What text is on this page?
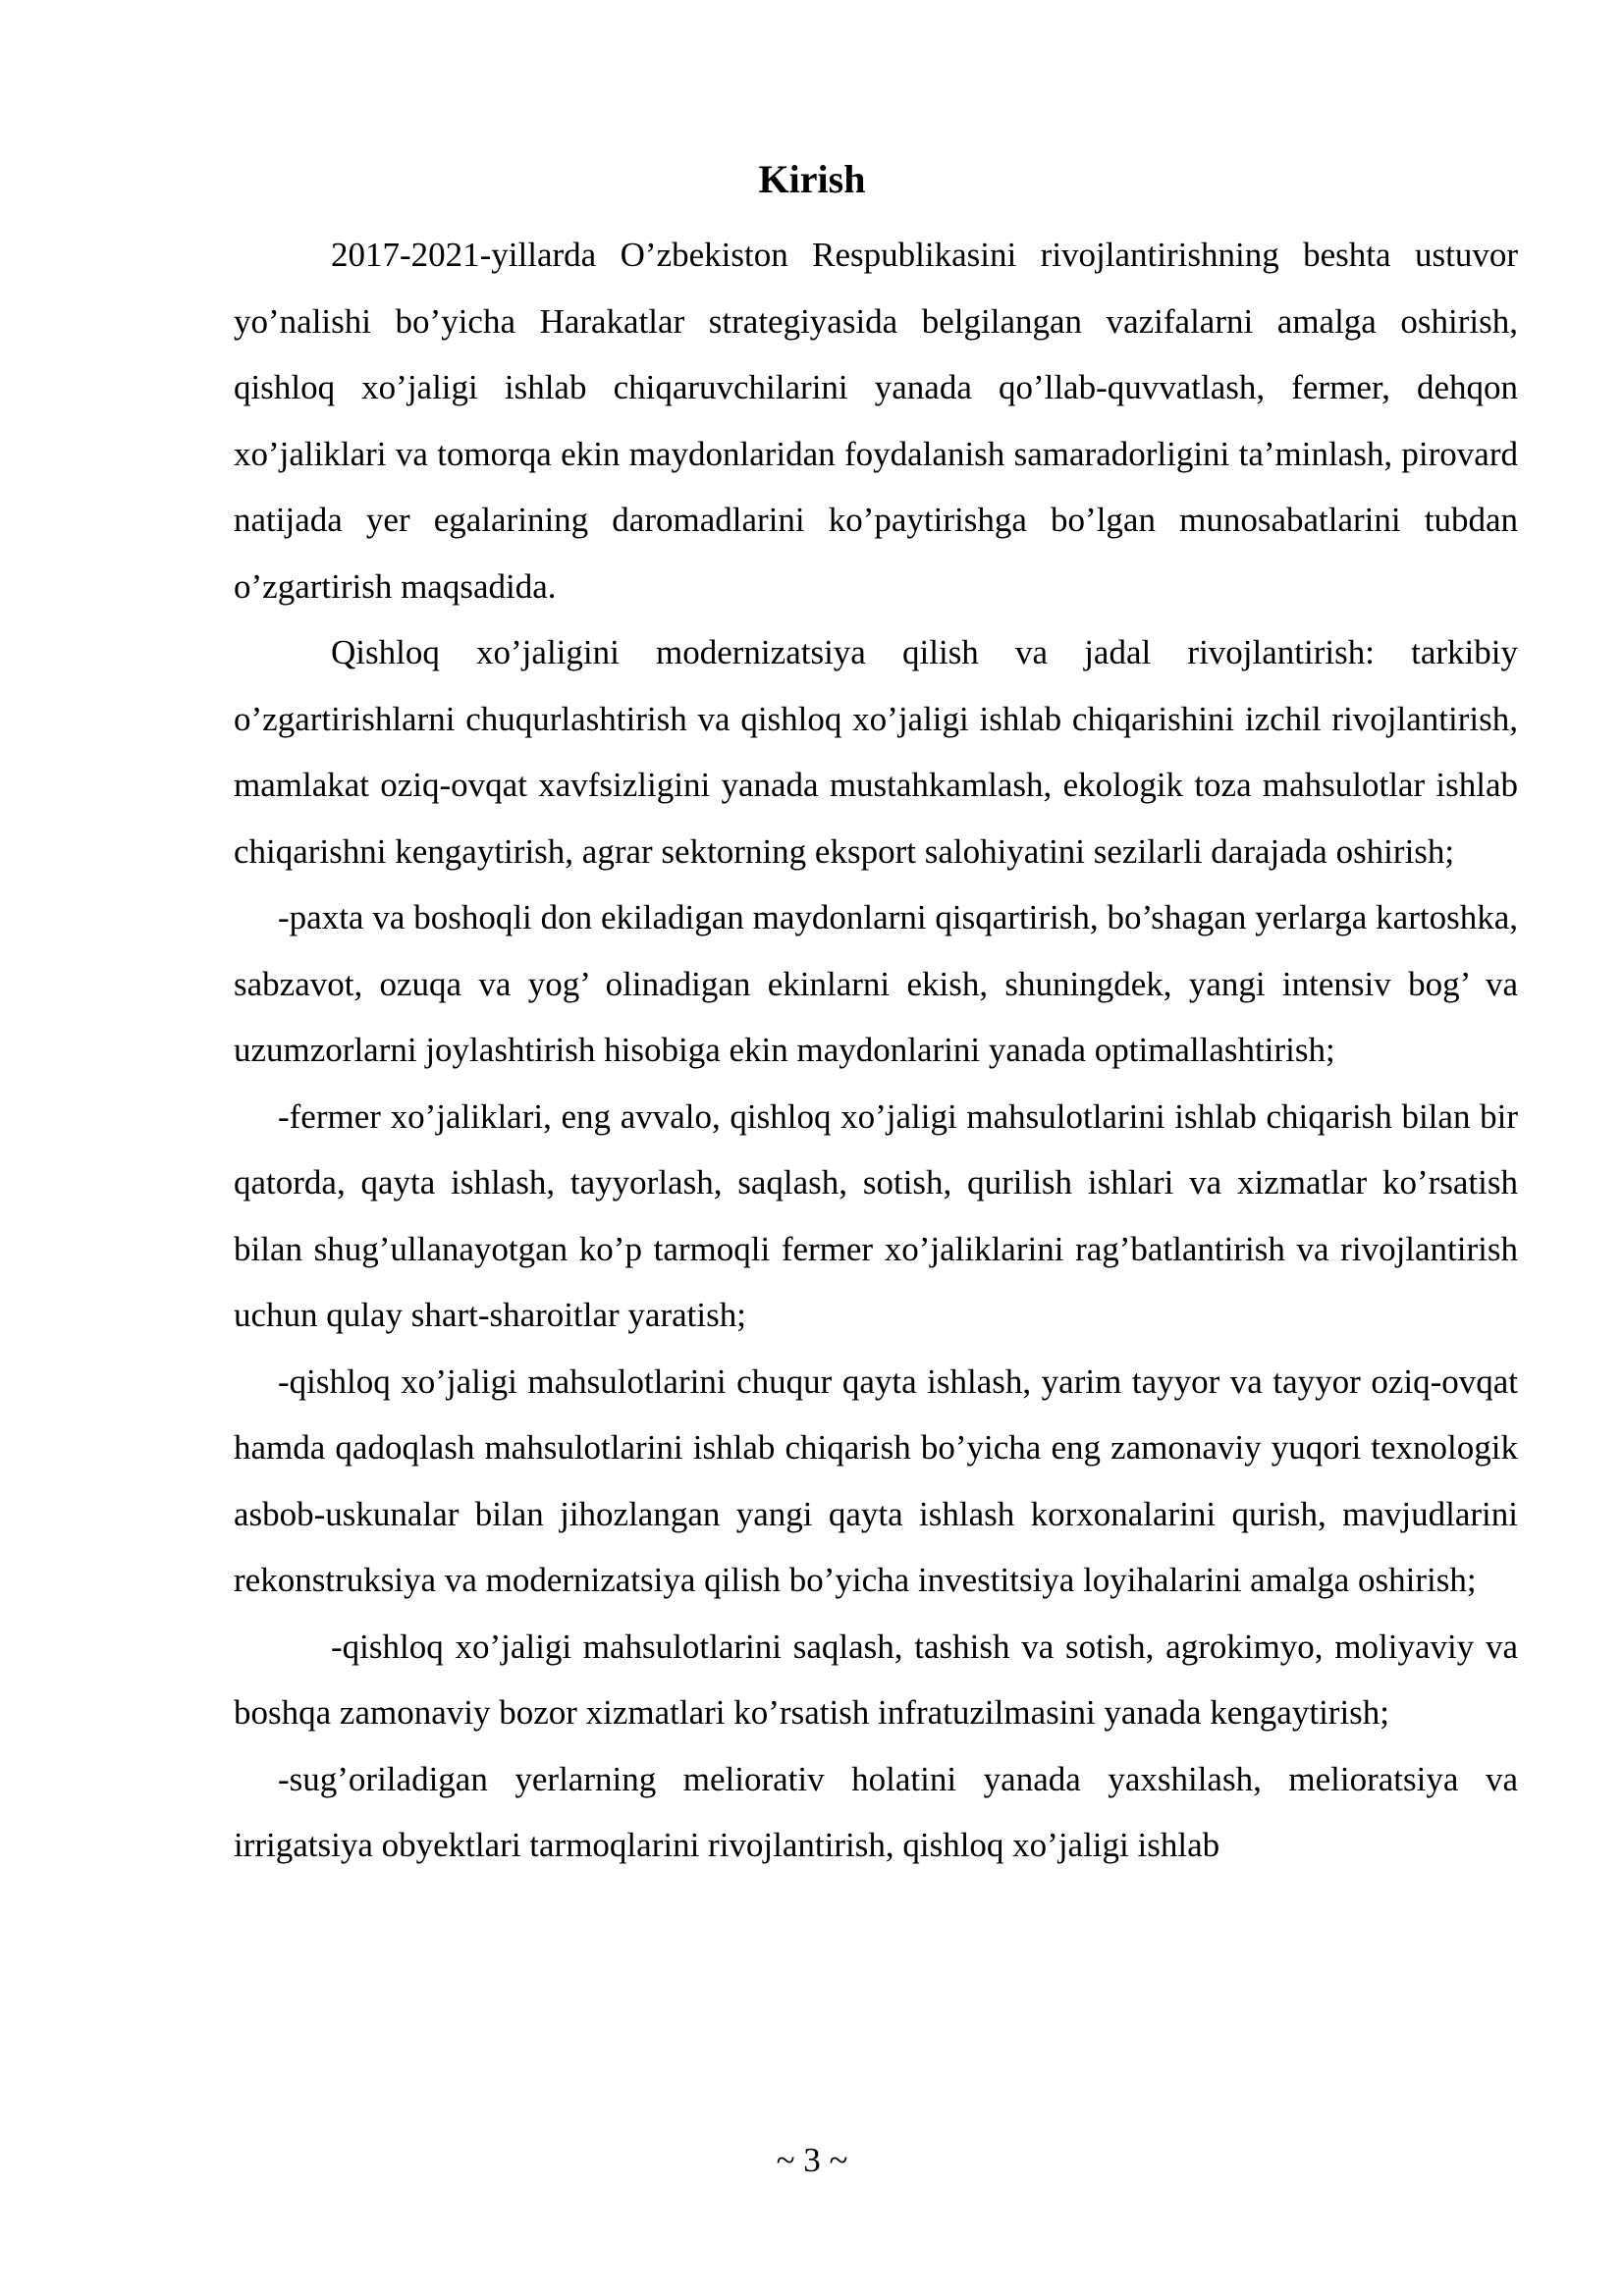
Kirish

2017-2021-yillarda O’zbekiston Respublikasini rivojlantirishning beshta ustuvor yo’nalishi bo’yicha Harakatlar strategiyasida belgilangan vazifalarni amalga oshirish, qishloq xo’jaligi ishlab chiqaruvchilarini yanada qo’llab-quvvatlash, fermer, dehqon xo’jaliklari va tomorqa ekin maydonlaridan foydalanish samaradorligini ta’minlash, pirovard natijada yer egalarining daromadlarini ko’paytirishga bo’lgan munosabatlarini tubdan o’zgartirish maqsadida.

Qishloq xo’jaligini modernizatsiya qilish va jadal rivojlantirish: tarkibiy o’zgartirishlarni chuqurlashtirish va qishloq xo’jaligi ishlab chiqarishini izchil rivojlantirish, mamlakat oziq-ovqat xavfsizligini yanada mustahkamlash, ekologik toza mahsulotlar ishlab chiqarishni kengaytirish, agrar sektorning eksport salohiyatini sezilarli darajada oshirish;

-paxta va boshoqli don ekiladigan maydonlarni qisqartirish, bo’shagan yerlarga kartoshka, sabzavot, ozuqa va yog’ olinadigan ekinlarni ekish, shuningdek, yangi intensiv bog’ va uzumzorlarni joylashtirish hisobiga ekin maydonlarini yanada optimallashtirish;

-fermer xo’jaliklari, eng avvalo, qishloq xo’jaligi mahsulotlarini ishlab chiqarish bilan bir qatorda, qayta ishlash, tayyorlash, saqlash, sotish, qurilish ishlari va xizmatlar ko’rsatish bilan shug’ullanayotgan ko’p tarmoqli fermer xo’jaliklarini rag’batlantirish va rivojlantirish uchun qulay shart-sharoitlar yaratish;

-qishloq xo’jaligi mahsulotlarini chuqur qayta ishlash, yarim tayyor va tayyor oziq-ovqat hamda qadoqlash mahsulotlarini ishlab chiqarish bo’yicha eng zamonaviy yuqori texnologik asbob-uskunalar bilan jihozlangan yangi qayta ishlash korxonalarini qurish, mavjudlarini rekonstruksiya va modernizatsiya qilish bo’yicha investitsiya loyihalarini amalga oshirish;

-qishloq xo’jaligi mahsulotlarini saqlash, tashish va sotish, agrokimyo, moliyaviy va boshqa zamonaviy bozor xizmatlari ko’rsatish infratuzilmasini yanada kengaytirish;

-sug’oriladigan yerlarning meliorativ holatini yanada yaxshilash, melioratsiya va irrigatsiya obyektlari tarmoqlarini rivojlantirish, qishloq xo’jaligi ishlab

~ 3 ~
